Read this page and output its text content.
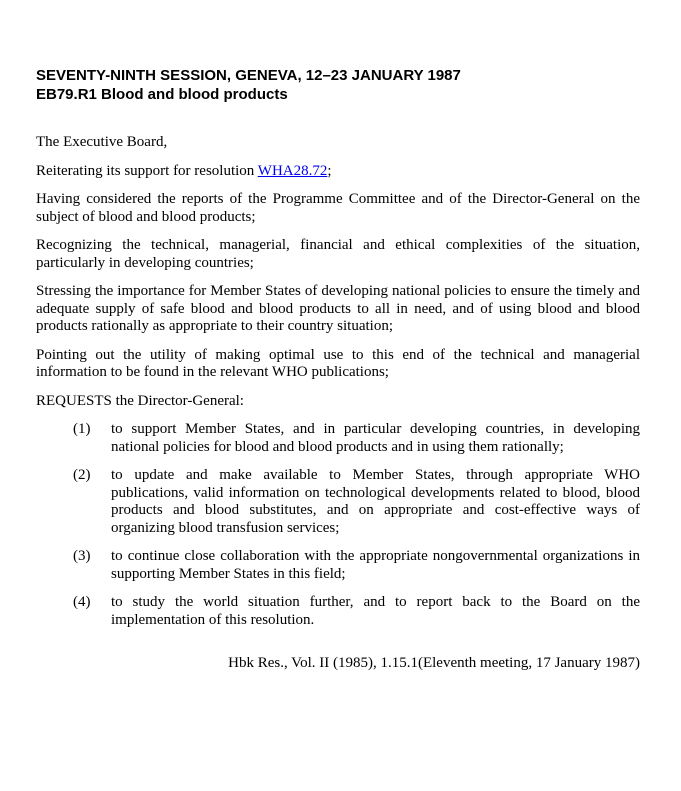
SEVENTY-NINTH SESSION, GENEVA, 12–23 JANUARY 1987
EB79.R1 Blood and blood products

The Executive Board,

Reiterating its support for resolution WHA28.72;

Having considered the reports of the Programme Committee and of the Director-General on the subject of blood and blood products;

Recognizing the technical, managerial, financial and ethical complexities of the situation, particularly in developing countries;

Stressing the importance for Member States of developing national policies to ensure the timely and adequate supply of safe blood and blood products to all in need, and of using blood and blood products rationally as appropriate to their country situation;

Pointing out the utility of making optimal use to this end of the technical and managerial information to be found in the relevant WHO publications;

REQUESTS the Director-General:

(1)	to support Member States, and in particular developing countries, in developing national policies for blood and blood products and in using them rationally;
(2)	to update and make available to Member States, through appropriate WHO publications, valid information on technological developments related to blood, blood products and blood substitutes, and on appropriate and cost-effective ways of organizing blood transfusion services;
(3)	to continue close collaboration with the appropriate nongovernmental organizations in supporting Member States in this field;
(4)	to study the world situation further, and to report back to the Board on the implementation of this resolution.

Hbk Res., Vol. II (1985), 1.15.1(Eleventh meeting, 17 January 1987)
